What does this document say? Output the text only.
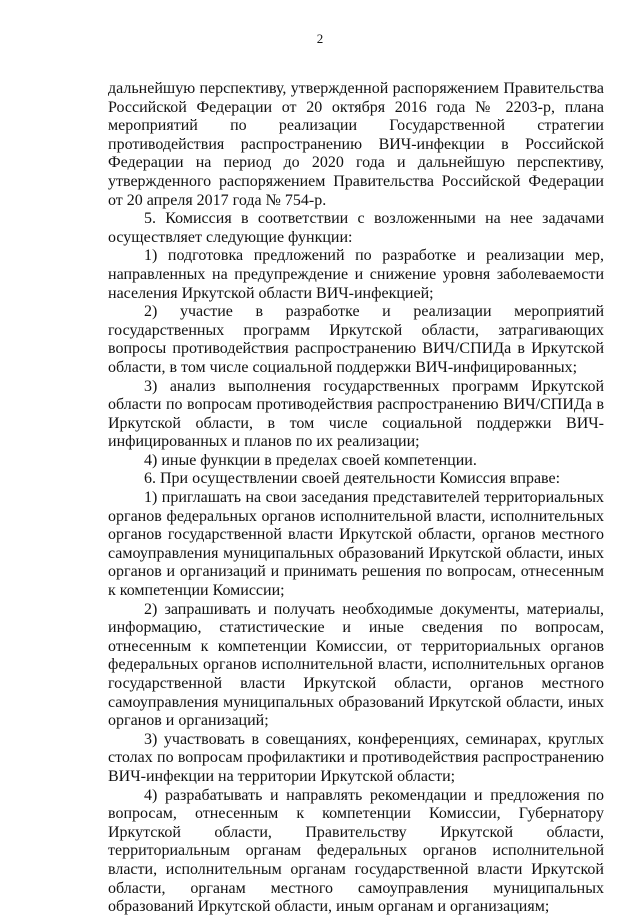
2

дальнейшую перспективу, утвержденной распоряжением Правительства Российской Федерации от 20 октября 2016 года № 2203-р, плана мероприятий по реализации Государственной стратегии противодействия распространению ВИЧ-инфекции в Российской Федерации на период до 2020 года и дальнейшую перспективу, утвержденного распоряжением Правительства Российской Федерации от 20 апреля 2017 года № 754-р.

5. Комиссия в соответствии с возложенными на нее задачами осуществляет следующие функции:

1) подготовка предложений по разработке и реализации мер, направленных на предупреждение и снижение уровня заболеваемости населения Иркутской области ВИЧ-инфекцией;

2) участие в разработке и реализации мероприятий государственных программ Иркутской области, затрагивающих вопросы противодействия распространению ВИЧ/СПИДа в Иркутской области, в том числе социальной поддержки ВИЧ-инфицированных;

3) анализ выполнения государственных программ Иркутской области по вопросам противодействия распространению ВИЧ/СПИДа в Иркутской области, в том числе социальной поддержки ВИЧ-инфицированных и планов по их реализации;

4) иные функции в пределах своей компетенции.

6. При осуществлении своей деятельности Комиссия вправе:

1) приглашать на свои заседания представителей территориальных органов федеральных органов исполнительной власти, исполнительных органов государственной власти Иркутской области, органов местного самоуправления муниципальных образований Иркутской области, иных органов и организаций и принимать решения по вопросам, отнесенным к компетенции Комиссии;

2) запрашивать и получать необходимые документы, материалы, информацию, статистические и иные сведения по вопросам, отнесенным к компетенции Комиссии, от территориальных органов федеральных органов исполнительной власти, исполнительных органов государственной власти Иркутской области, органов местного самоуправления муниципальных образований Иркутской области, иных органов и организаций;

3) участвовать в совещаниях, конференциях, семинарах, круглых столах по вопросам профилактики и противодействия распространению ВИЧ-инфекции на территории Иркутской области;

4) разрабатывать и направлять рекомендации и предложения по вопросам, отнесенным к компетенции Комиссии, Губернатору Иркутской области, Правительству Иркутской области, территориальным органам федеральных органов исполнительной власти, исполнительным органам государственной власти Иркутской области, органам местного самоуправления муниципальных образований Иркутской области, иным органам и организациям;
